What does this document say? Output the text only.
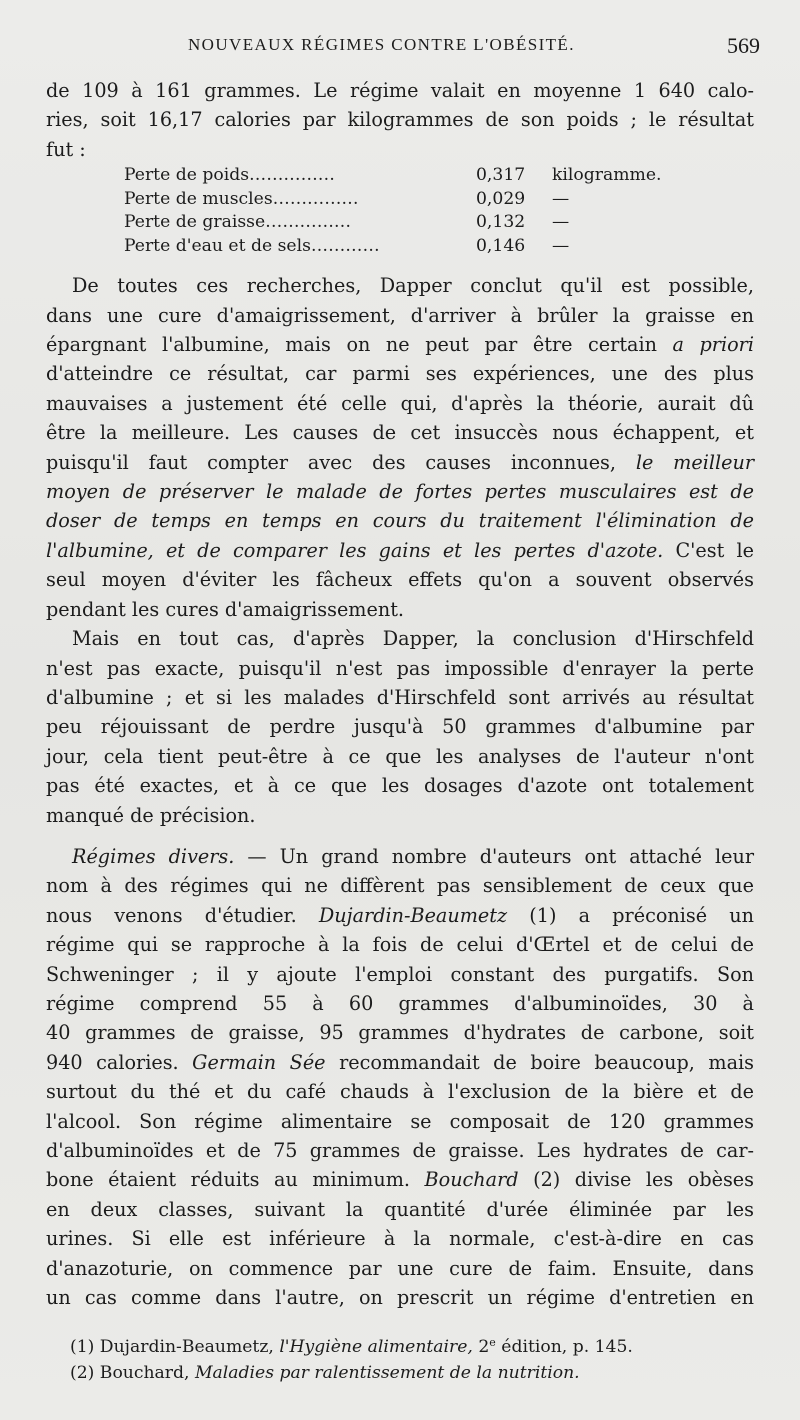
NOUVEAUX RÉGIMES CONTRE L'OBÉSITÉ.	569

de 109 à 161 grammes. Le régime valait en moyenne 1 640 calo-
ries, soit 16,17 calories par kilogrammes de son poids ; le résultat
fut :

Perte de poids……………	0,317	kilogramme.
Perte de muscles……………	0,029	—
Perte de graisse……………	0,132	—
Perte d'eau et de sels…………	0,146	—

De toutes ces recherches, Dapper conclut qu'il est possible,
dans une cure d'amaigrissement, d'arriver à brûler la graisse en
épargnant l'albumine, mais on ne peut par être certain a priori
d'atteindre ce résultat, car parmi ses expériences, une des plus
mauvaises a justement été celle qui, d'après la théorie, aurait dû
être la meilleure. Les causes de cet insuccès nous échappent, et
puisqu'il faut compter avec des causes inconnues, le meilleur
moyen de préserver le malade de fortes pertes musculaires est de
doser de temps en temps en cours du traitement l'élimination de
l'albumine, et de comparer les gains et les pertes d'azote. C'est le
seul moyen d'éviter les fâcheux effets qu'on a souvent observés
pendant les cures d'amaigrissement.

Mais en tout cas, d'après Dapper, la conclusion d'Hirschfeld
n'est pas exacte, puisqu'il n'est pas impossible d'enrayer la perte
d'albumine ; et si les malades d'Hirschfeld sont arrivés au résultat
peu réjouissant de perdre jusqu'à 50 grammes d'albumine par
jour, cela tient peut-être à ce que les analyses de l'auteur n'ont
pas été exactes, et à ce que les dosages d'azote ont totalement
manqué de précision.

Régimes divers. — Un grand nombre d'auteurs ont attaché leur
nom à des régimes qui ne diffèrent pas sensiblement de ceux que
nous venons d'étudier. Dujardin-Beaumetz (1) a préconisé un
régime qui se rapproche à la fois de celui d'Œrtel et de celui de
Schweninger ; il y ajoute l'emploi constant des purgatifs. Son
régime comprend 55 à 60 grammes d'albuminoïdes, 30 à
40 grammes de graisse, 95 grammes d'hydrates de carbone, soit
940 calories. Germain Sée recommandait de boire beaucoup, mais
surtout du thé et du café chauds à l'exclusion de la bière et de
l'alcool. Son régime alimentaire se composait de 120 grammes
d'albuminoïdes et de 75 grammes de graisse. Les hydrates de car-
bone étaient réduits au minimum. Bouchard (2) divise les obèses
en deux classes, suivant la quantité d'urée éliminée par les
urines. Si elle est inférieure à la normale, c'est-à-dire en cas
d'anazoturie, on commence par une cure de faim. Ensuite, dans
un cas comme dans l'autre, on prescrit un régime d'entretien en

(1) Dujardin-Beaumetz, l'Hygiène alimentaire, 2e édition, p. 145.
(2) Bouchard, Maladies par ralentissement de la nutrition.
